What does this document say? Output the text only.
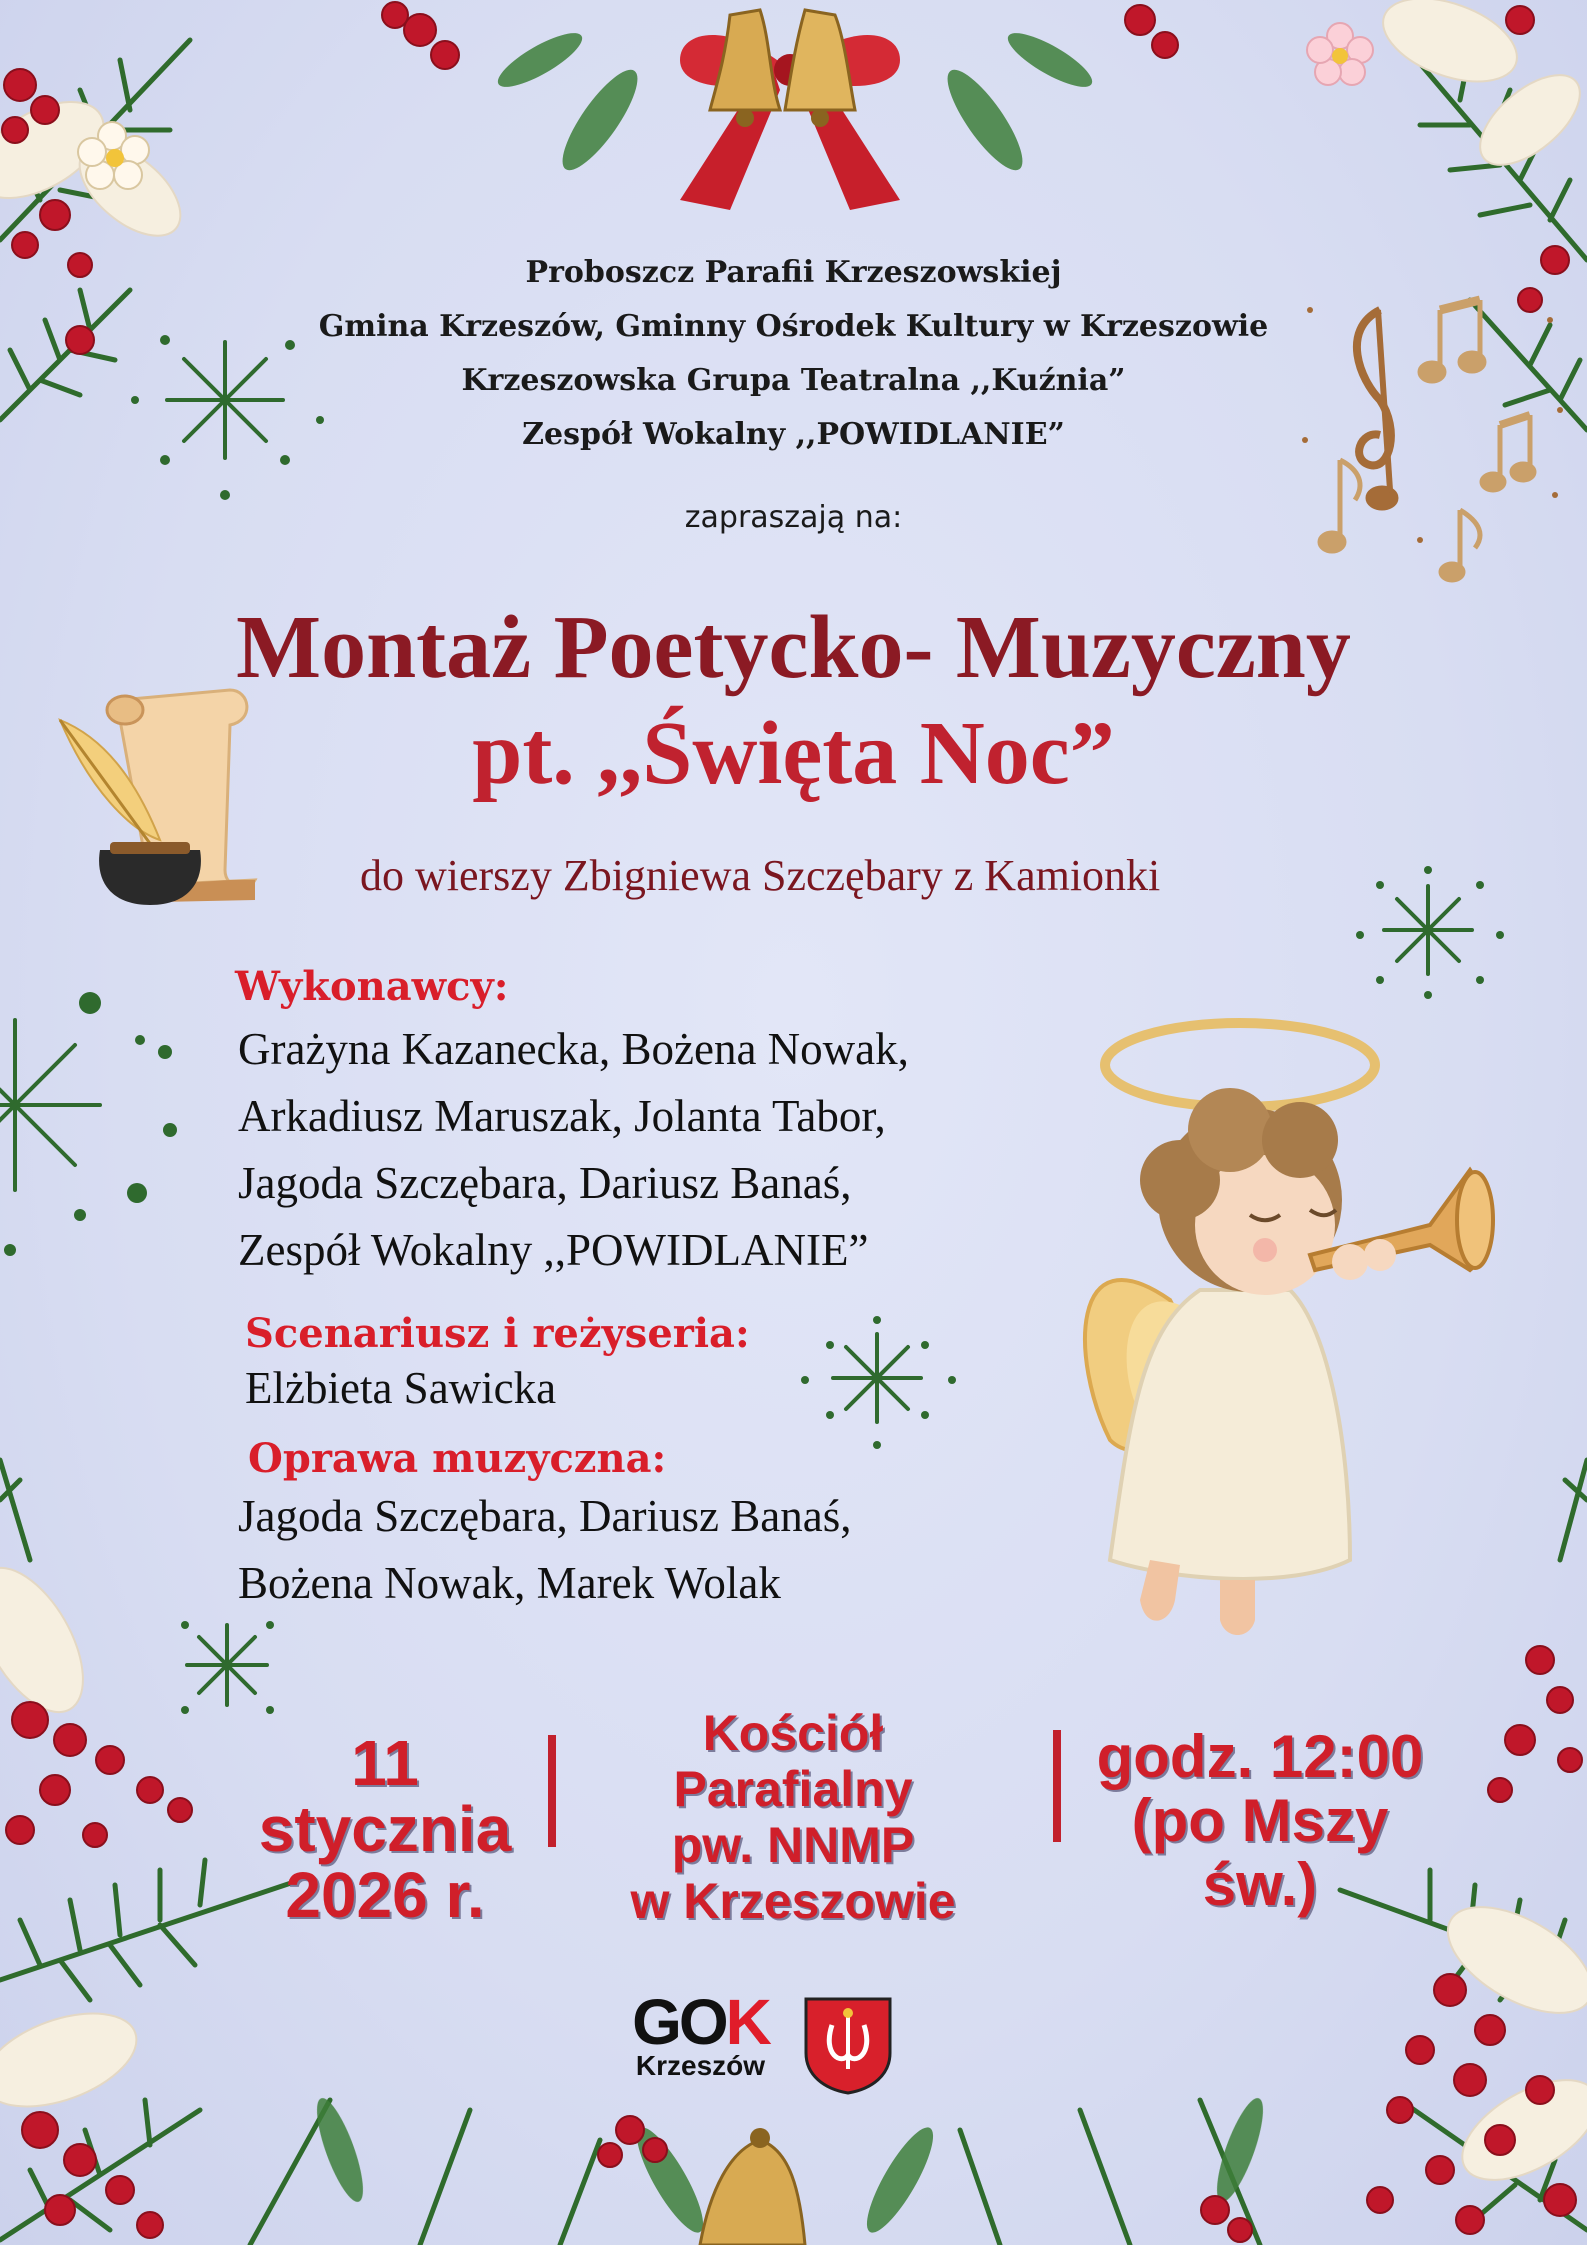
Proboszcz Parafii Krzeszowskiej

Gmina Krzeszów, Gminny Ośrodek Kultury w Krzeszowie

Krzeszowska Grupa Teatralna ,,Kuźnia”

Zespół Wokalny ,,POWIDLANIE”

zapraszają na:
Montaż Poetycko- Muzyczny
pt. ,,Święta Noc”
do wierszy Zbigniewa Szczębary z Kamionki
Wykonawcy:
Grażyna Kazanecka, Bożena Nowak,
Arkadiusz Maruszak, Jolanta Tabor,
Jagoda Szczębara, Dariusz Banaś,
Zespół Wokalny ,,POWIDLANIE”
Scenariusz i reżyseria:
Elżbieta Sawicka
Oprawa muzyczna:
Jagoda Szczębara, Dariusz Banaś,
Bożena Nowak, Marek Wolak
11 stycznia
2026 r.
Kościół Parafialny
pw. NNMP
w Krzeszowie
godz. 12:00
(po Mszy św.)
GOK
Krzeszów
